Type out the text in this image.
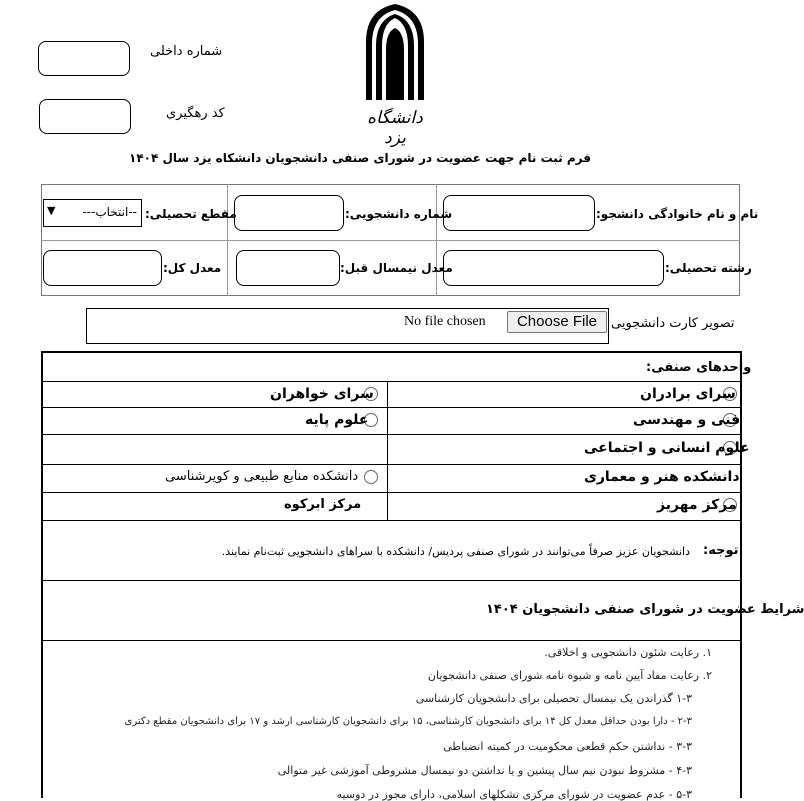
شماره داخلی
کد رهگیری	دانشگاه یزد
فرم ثبت نام جهت عضویت در شورای صنفی دانشجویان دانشکاه یزد سال ۱۴۰۴
نام و نام خانوادگی دانشجو:
شماره دانشجویی:
مقطع تحصیلی:
▼ ---انتخاب--
رشته تحصیلی:
معدل نیمسال قبل:
معدل کل:
تصویر کارت دانشجویی
Choose File
No file chosen
واحدهای صنفی:
سرای برادران
فنی و مهندسی
علوم انسانی و اجتماعی
دانشکده هنر و معماری
مرکز مهریز
سرای خواهران
علوم پایه
دانشکده منابع طبیعی و کویرشناسی
مرکز ابرکوه
توجه:
دانشجویان عزیز صرفاً می‌توانند در شورای صنفی پردیس/ دانشکده با سراهای دانشجویی ثبت‌نام نمایند.
شرایط عضویت در شورای صنفی دانشجویان ۱۴۰۴
۱. رعایت شئون دانشجویی و اخلاقی.
۲. رعایت مفاد آیین نامه و شیوه نامه شورای صنفی دانشجویان
۱-۳ گذراندن یک نیمسال تحصیلی برای دانشجویان کارشناسی
۲-۳ - دارا بودن حداقل معدل کل ۱۴ برای دانشجویان کارشناسی، ۱۵ برای دانشجویان کارشناسی ارشد و ۱۷ برای دانشجویان مقطع دکتری
۳-۳ - نداشتن حکم قطعی محکومیت در کمیته انضباطی
۴-۳ - مشروط نبودن نیم سال پیشین و یا نداشتن دو نیمسال مشروطی آموزشی غیر متوالی
۵-۳ - عدم عضویت در شورای مرکزی تشکلهای اسلامی، دارای مجوز در دوسیه
